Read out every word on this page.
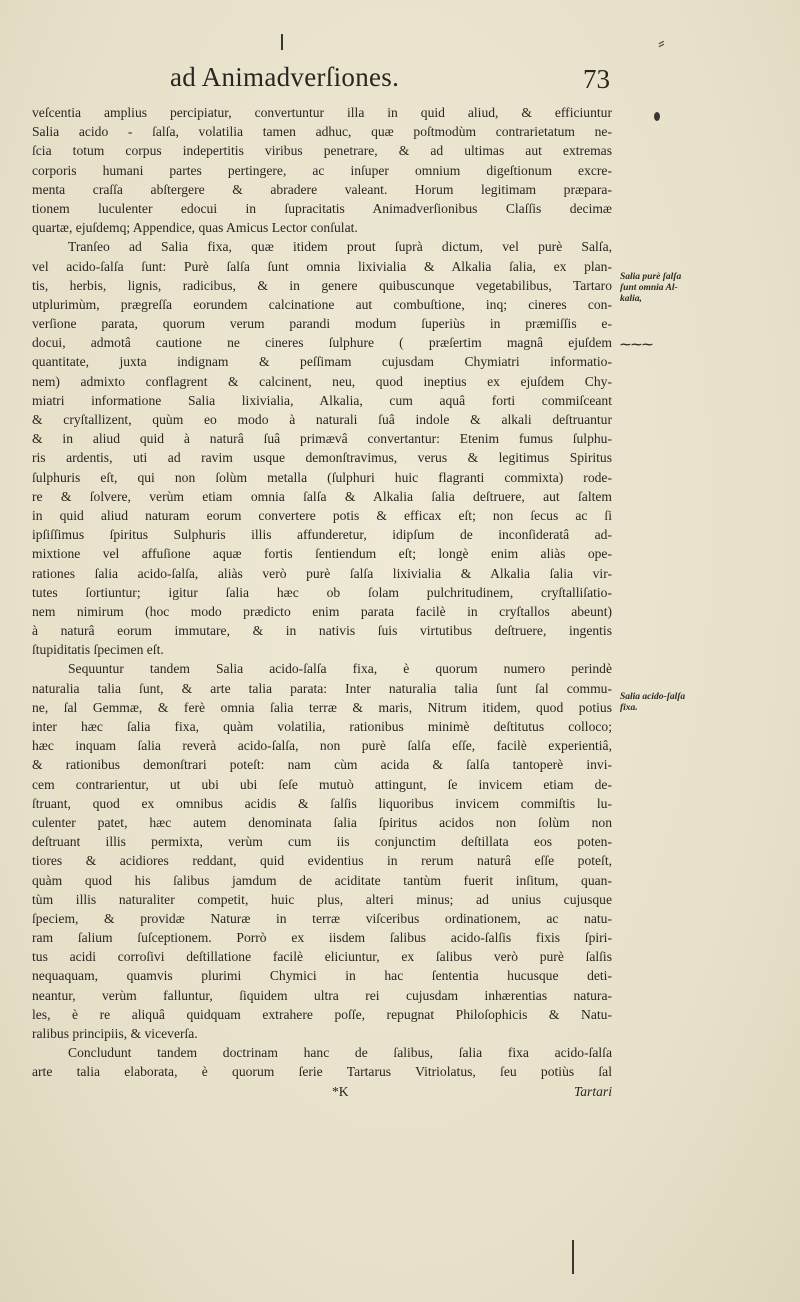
⸗
ad Animadverſiones.	73
veſcentia amplius percipiatur, convertuntur illa in quid aliud, & efficiuntur
Salia acido - ſalſa, volatilia tamen adhuc, quæ poſtmodùm contrarietatum ne-
ſcia totum corpus indepertitis viribus penetrare, & ad ultimas aut extremas
corporis humani partes pertingere, ac inſuper omnium digeſtionum excre-
menta craſſa abſtergere & abradere valeant. Horum legitimam præpara-
tionem luculenter edocui in ſupracitatis Animadverſionibus Claſſis decimæ
quartæ, ejuſdemq; Appendice, quas Amicus Lector conſulat.
Tranſeo ad Salia fixa, quæ itidem prout ſuprà dictum, vel purè Salſa,
vel acido-ſalſa ſunt: Purè ſalſa ſunt omnia lixivialia & Alkalia ſalia, ex plan-
tis, herbis, lignis, radicibus, & in genere quibuscunque vegetabilibus, Tartaro
utplurimùm, prægreſſa eorundem calcinatione aut combuſtione, inq; cineres con-
verſione parata, quorum verum parandi modum ſuperiùs in præmiſſis e-
docui, admotâ cautione ne cineres ſulphure ( præſertim magnâ ejuſdem
quantitate, juxta indignam & peſſimam cujusdam Chymiatri informatio-
nem) admixto conflagrent & calcinent, neu, quod ineptius ex ejuſdem Chy-
miatri informatione Salia lixivialia, Alkalia, cum aquâ forti commiſceant
& cryſtallizent, quùm eo modo à naturali ſuâ indole & alkali deſtruantur
& in aliud quid à naturâ ſuâ primævâ convertantur: Etenim fumus ſulphu-
ris ardentis, uti ad ravim usque demonſtravimus, verus & legitimus Spiritus
ſulphuris eſt, qui non ſolùm metalla (ſulphuri huic flagranti commixta) rode-
re & ſolvere, verùm etiam omnia ſalſa & Alkalia ſalia deſtruere, aut ſaltem
in quid aliud naturam eorum convertere potis & efficax eſt; non ſecus ac ſi
ipſiſſimus ſpiritus Sulphuris illis affunderetur, idipſum de inconſideratâ ad-
mixtione vel affuſione aquæ fortis ſentiendum eſt; longè enim aliàs ope-
rationes ſalia acido-ſalſa, aliàs verò purè ſalſa lixivialia & Alkalia ſalia vir-
tutes ſortiuntur; igitur ſalia hæc ob ſolam pulchritudinem, cryſtalliſatio-
nem nimirum (hoc modo prædicto enim parata facilè in cryſtallos abeunt)
à naturâ eorum immutare, & in nativis ſuis virtutibus deſtruere, ingentis
ſtupiditatis ſpecimen eſt.
Sequuntur tandem Salia acido-ſalſa fixa, è quorum numero perindè
naturalia talia ſunt, & arte talia parata: Inter naturalia talia ſunt ſal commu-
ne, ſal Gemmæ, & ferè omnia ſalia terræ & maris, Nitrum itidem, quod potius
inter hæc ſalia fixa, quàm volatilia, rationibus minimè deſtitutus colloco;
hæc inquam ſalia reverà acido-ſalſa, non purè ſalſa eſſe, facilè experientiâ,
& rationibus demonſtrari poteſt: nam cùm acida & ſalſa tantoperè invi-
cem contrarientur, ut ubi ubi ſeſe mutuò attingunt, ſe invicem etiam de-
ſtruant, quod ex omnibus acidis & ſalſis liquoribus invicem commiſtis lu-
culenter patet, hæc autem denominata ſalia ſpiritus acidos non ſolùm non
deſtruant illis permixta, verùm cum iis conjunctim deſtillata eos poten-
tiores & acidiores reddant, quid evidentius in rerum naturâ eſſe poteſt,
quàm quod his ſalibus jamdum de aciditate tantùm fuerit inſitum, quan-
tùm illis naturaliter competit, huic plus, alteri minus; ad unius cujusque
ſpeciem, & providæ Naturæ in terræ viſceribus ordinationem, ac natu-
ram ſalium ſuſceptionem. Porrò ex iisdem ſalibus acido-ſalſis fixis ſpiri-
tus acidi corroſivi deſtillatione facilè eliciuntur, ex ſalibus verò purè ſalſis
nequaquam, quamvis plurimi Chymici in hac ſententia hucusque deti-
neantur, verùm falluntur, ſiquidem ultra rei cujusdam inhærentias natura-
les, è re aliquâ quidquam extrahere poſſe, repugnat Philoſophicis & Natu-
ralibus principiis, & viceverſa.
Concludunt tandem doctrinam hanc de ſalibus, ſalia fixa acido-ſalſa
arte talia elaborata, è quorum ſerie Tartarus Vitriolatus, ſeu potiùs ſal
*K	Tartari
Salia purè ſalſa ſunt omnia Al-kalia,
⁓⁓⁓
Salia acido-ſalſa fixa.
